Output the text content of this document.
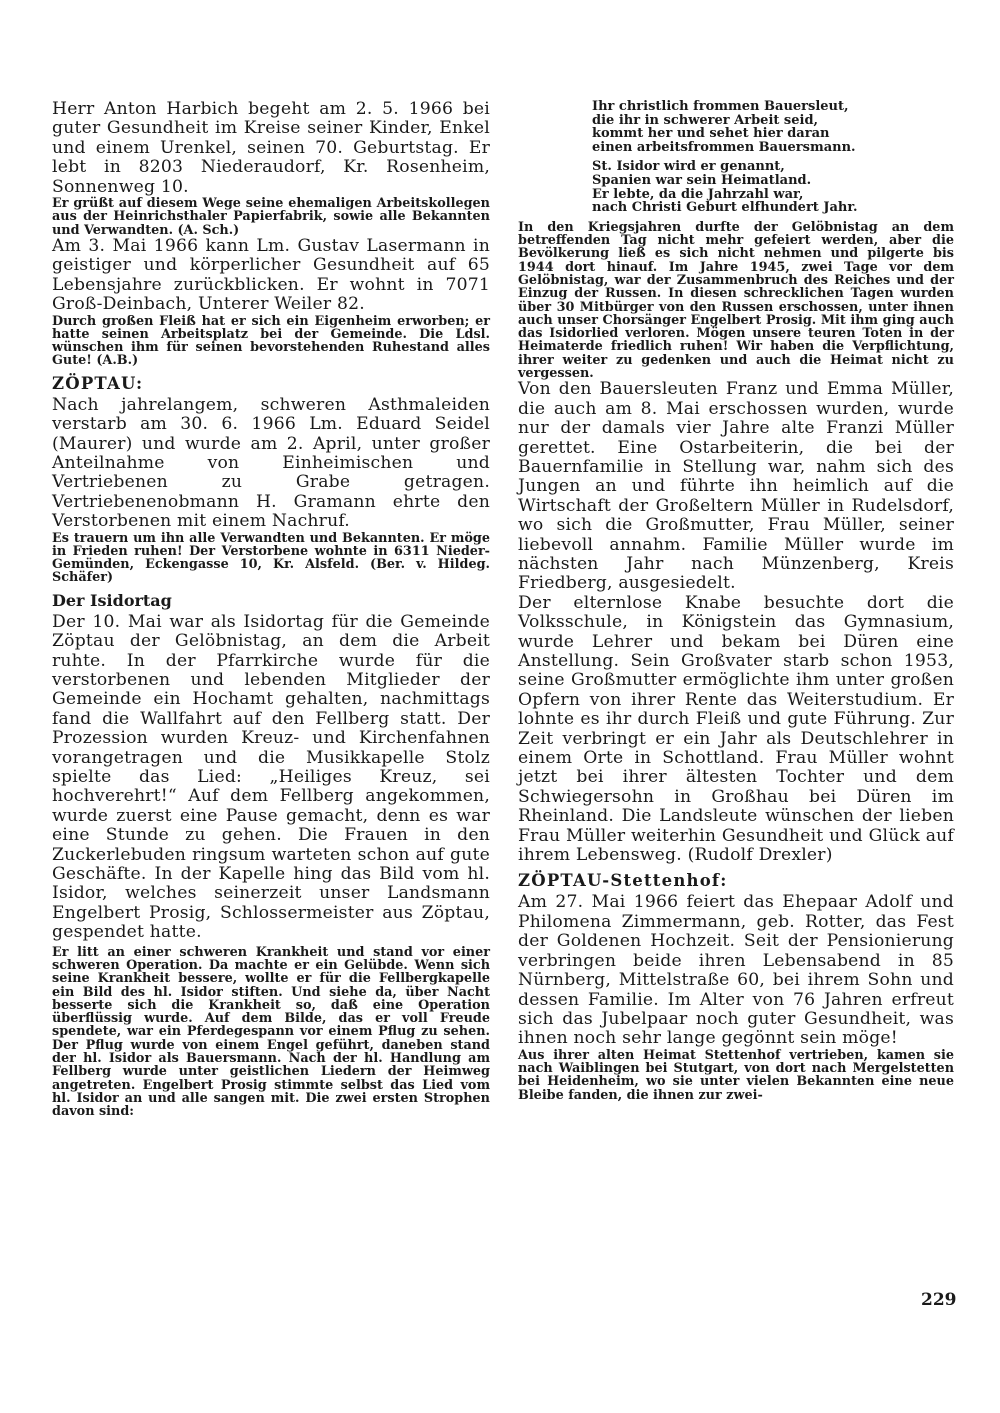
Herr Anton Harbich begeht am 2. 5. 1966 bei guter Gesundheit im Kreise seiner Kinder, Enkel und einem Urenkel, seinen 70. Geburtstag. Er lebt in 8203 Niederaudorf, Kr. Rosenheim, Sonnenweg 10.

Er grüßt auf diesem Wege seine ehemaligen Arbeitskollegen aus der Heinrichsthaler Papierfabrik, sowie alle Bekannten und Verwandten. (A. Sch.)

Am 3. Mai 1966 kann Lm. Gustav Lasermann in geistiger und körperlicher Gesundheit auf 65 Lebensjahre zurückblicken. Er wohnt in 7071 Groß-Deinbach, Unterer Weiler 82.

Durch großen Fleiß hat er sich ein Eigenheim erworben; er hatte seinen Arbeitsplatz bei der Gemeinde. Die Ldsl. wünschen ihm für seinen bevorstehenden Ruhestand alles Gute! (A.B.)

ZÖPTAU:

Nach jahrelangem, schweren Asthmaleiden verstarb am 30. 6. 1966 Lm. Eduard Seidel (Maurer) und wurde am 2. April, unter großer Anteilnahme von Einheimischen und Vertriebenen zu Grabe getragen. Vertriebenenobmann H. Gramann ehrte den Verstorbenen mit einem Nachruf.

Es trauern um ihn alle Verwandten und Bekannten. Er möge in Frieden ruhen! Der Verstorbene wohnte in 6311 Nieder-Gemünden, Eckengasse 10, Kr. Alsfeld. (Ber. v. Hildeg. Schäfer)

Der Isidortag

Der 10. Mai war als Isidortag für die Gemeinde Zöptau der Gelöbnistag, an dem die Arbeit ruhte. In der Pfarrkirche wurde für die verstorbenen und lebenden Mitglieder der Gemeinde ein Hochamt gehalten, nachmittags fand die Wallfahrt auf den Fellberg statt. Der Prozession wurden Kreuz- und Kirchenfahnen vorangetragen und die Musikkapelle Stolz spielte das Lied: „Heiliges Kreuz, sei hochverehrt!“ Auf dem Fellberg angekommen, wurde zuerst eine Pause gemacht, denn es war eine Stunde zu gehen. Die Frauen in den Zuckerlebuden ringsum warteten schon auf gute Geschäfte. In der Kapelle hing das Bild vom hl. Isidor, welches seinerzeit unser Landsmann Engelbert Prosig, Schlossermeister aus Zöptau, gespendet hatte.

Er litt an einer schweren Krankheit und stand vor einer schweren Operation. Da machte er ein Gelübde. Wenn sich seine Krankheit bessere, wollte er für die Fellbergkapelle ein Bild des hl. Isidor stiften. Und siehe da, über Nacht besserte sich die Krankheit so, daß eine Operation überflüssig wurde. Auf dem Bilde, das er voll Freude spendete, war ein Pferdegespann vor einem Pflug zu sehen. Der Pflug wurde von einem Engel geführt, daneben stand der hl. Isidor als Bauersmann. Nach der hl. Handlung am Fellberg wurde unter geistlichen Liedern der Heimweg angetreten. Engelbert Prosig stimmte selbst das Lied vom hl. Isidor an und alle sangen mit. Die zwei ersten Strophen davon sind:

Ihr christlich frommen Bauersleut,
die ihr in schwerer Arbeit seid,
kommt her und sehet hier daran
einen arbeitsfrommen Bauersmann.
St. Isidor wird er genannt,
Spanien war sein Heimatland.
Er lebte, da die Jahrzahl war,
nach Christi Geburt elfhundert Jahr.

In den Kriegsjahren durfte der Gelöbnistag an dem betreffenden Tag nicht mehr gefeiert werden, aber die Bevölkerung ließ es sich nicht nehmen und pilgerte bis 1944 dort hinauf. Im Jahre 1945, zwei Tage vor dem Gelöbnistag, war der Zusammenbruch des Reiches und der Einzug der Russen. In diesen schrecklichen Tagen wurden über 30 Mitbürger von den Russen erschossen, unter ihnen auch unser Chorsänger Engelbert Prosig. Mit ihm ging auch das Isidorlied verloren. Mögen unsere teuren Toten in der Heimaterde friedlich ruhen! Wir haben die Verpflichtung, ihrer weiter zu gedenken und auch die Heimat nicht zu vergessen.

Von den Bauersleuten Franz und Emma Müller, die auch am 8. Mai erschossen wurden, wurde nur der damals vier Jahre alte Franzi Müller gerettet. Eine Ostarbeiterin, die bei der Bauernfamilie in Stellung war, nahm sich des Jungen an und führte ihn heimlich auf die Wirtschaft der Großeltern Müller in Rudelsdorf, wo sich die Großmutter, Frau Müller, seiner liebevoll annahm. Familie Müller wurde im nächsten Jahr nach Münzenberg, Kreis Friedberg, ausgesiedelt.

Der elternlose Knabe besuchte dort die Volksschule, in Königstein das Gymnasium, wurde Lehrer und bekam bei Düren eine Anstellung. Sein Großvater starb schon 1953, seine Großmutter ermöglichte ihm unter großen Opfern von ihrer Rente das Weiterstudium. Er lohnte es ihr durch Fleiß und gute Führung. Zur Zeit verbringt er ein Jahr als Deutschlehrer in einem Orte in Schottland. Frau Müller wohnt jetzt bei ihrer ältesten Tochter und dem Schwiegersohn in Großhau bei Düren im Rheinland. Die Landsleute wünschen der lieben Frau Müller weiterhin Gesundheit und Glück auf ihrem Lebensweg. (Rudolf Drexler)

ZÖPTAU-Stettenhof:

Am 27. Mai 1966 feiert das Ehepaar Adolf und Philomena Zimmermann, geb. Rotter, das Fest der Goldenen Hochzeit. Seit der Pensionierung verbringen beide ihren Lebensabend in 85 Nürnberg, Mittelstraße 60, bei ihrem Sohn und dessen Familie. Im Alter von 76 Jahren erfreut sich das Jubelpaar noch guter Gesundheit, was ihnen noch sehr lange gegönnt sein möge!

Aus ihrer alten Heimat Stettenhof vertrieben, kamen sie nach Waiblingen bei Stutgart, von dort nach Mergelstetten bei Heidenheim, wo sie unter vielen Bekannten eine neue Bleibe fanden, die ihnen zur zwei-

229
